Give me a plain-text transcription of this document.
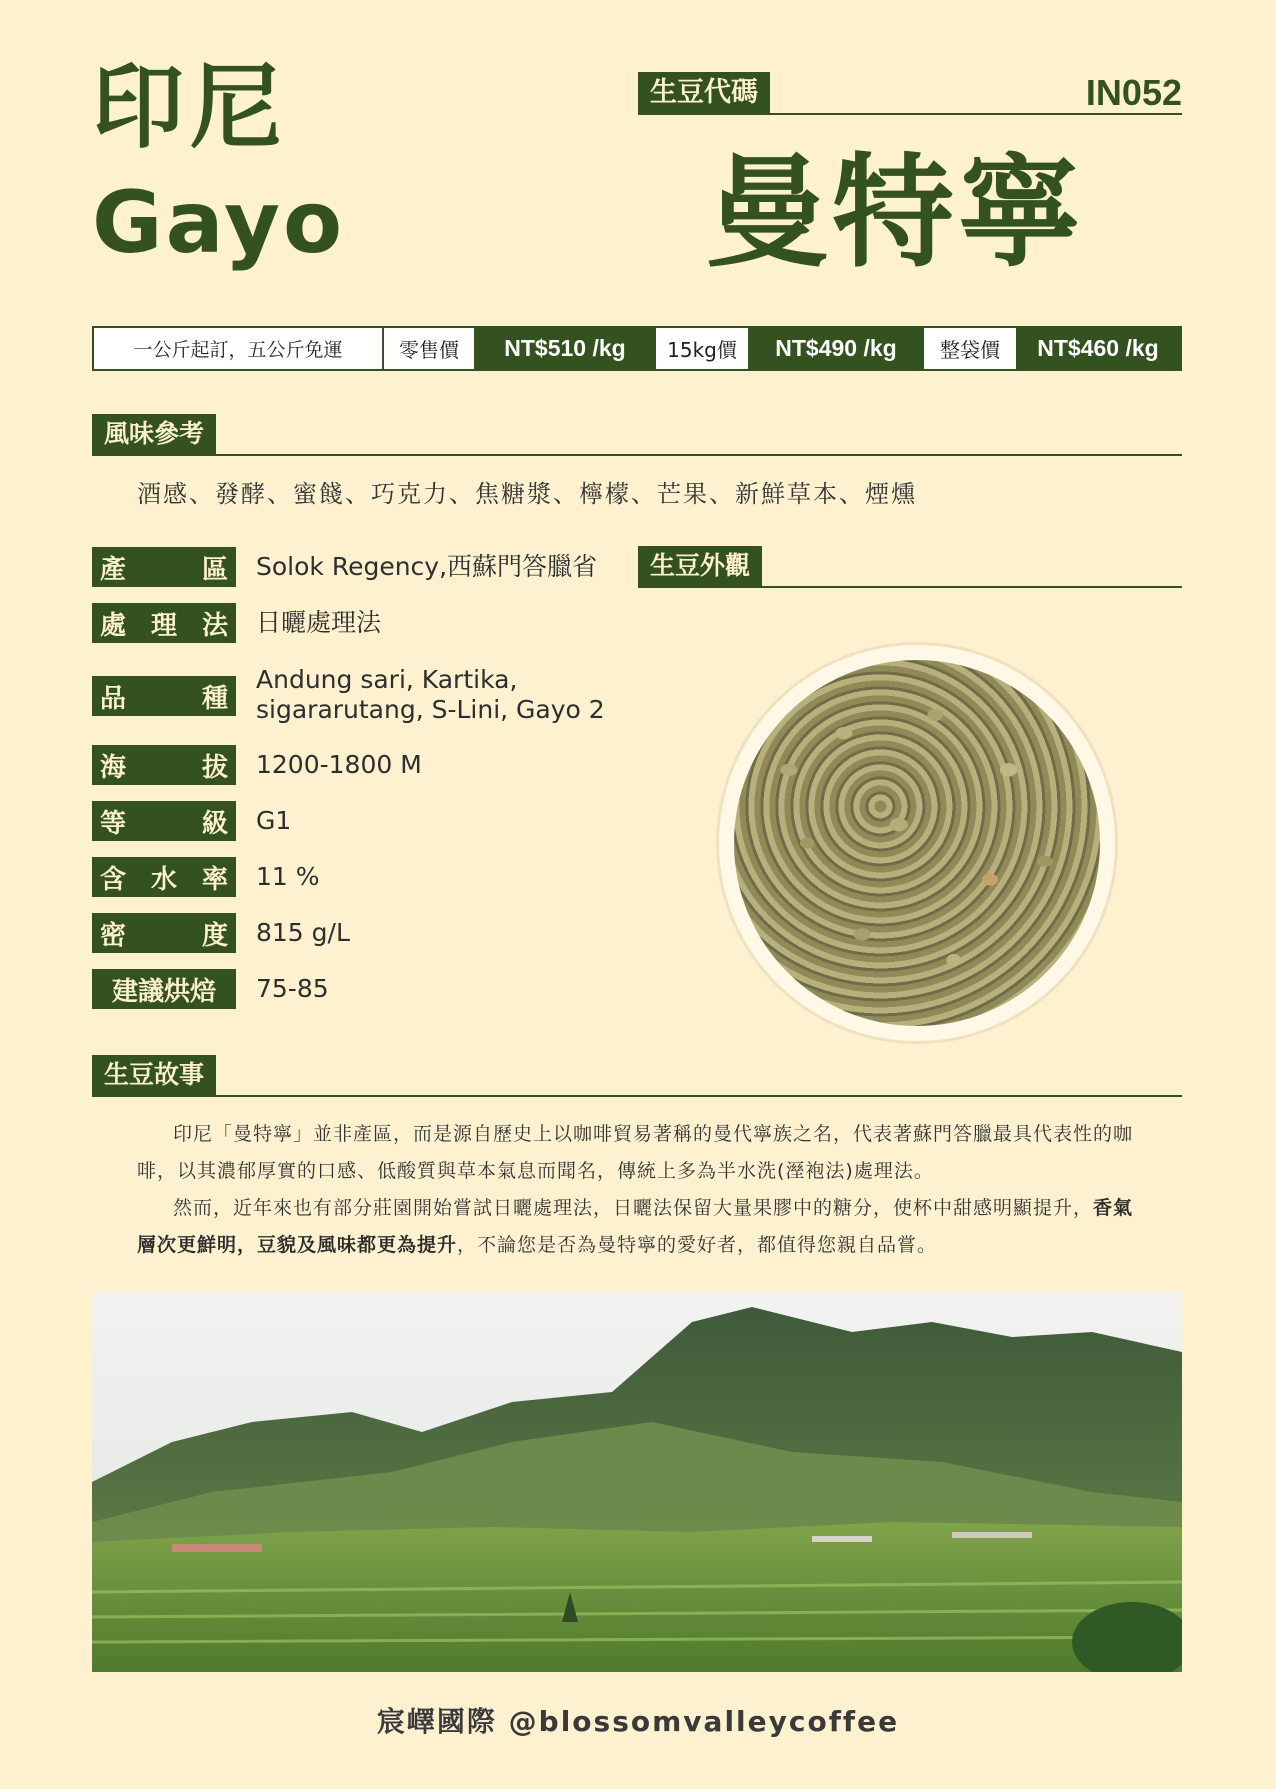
印尼
Gayo
生豆代碼	IN052
曼特寧
一公斤起訂，五公斤免運	零售價	NT$510 /kg	15kg價	NT$490 /kg	整袋價	NT$460 /kg
風味參考
酒感、發酵、蜜餞、巧克力、焦糖漿、檸檬、芒果、新鮮草本、煙燻
產	區 Solok Regency,西蘇門答臘省
處 理 法 日曬處理法
品	種
Andung sari, Kartika,
sigararutang, S-Lini, Gayo 2
海	拔 1200-1800 M
等	級 G1
含 水 率 11 %
密	度 815 g/L
建議烘焙	75-85
生豆外觀
生豆故事

印尼「曼特寧」並非產區，而是源自歷史上以咖啡貿易著稱的曼代寧族之名，代表著蘇門答臘最具代表性的咖啡，以其濃郁厚實的口感、低酸質與草本氣息而聞名，傳統上多為半水洗(溼袍法)處理法。

然而，近年來也有部分莊園開始嘗試日曬處理法，日曬法保留大量果膠中的糖分，使杯中甜感明顯提升，香氣層次更鮮明，豆貌及風味都更為提升，不論您是否為曼特寧的愛好者，都值得您親自品嘗。

宸嶧國際 @blossomvalleycoffee
